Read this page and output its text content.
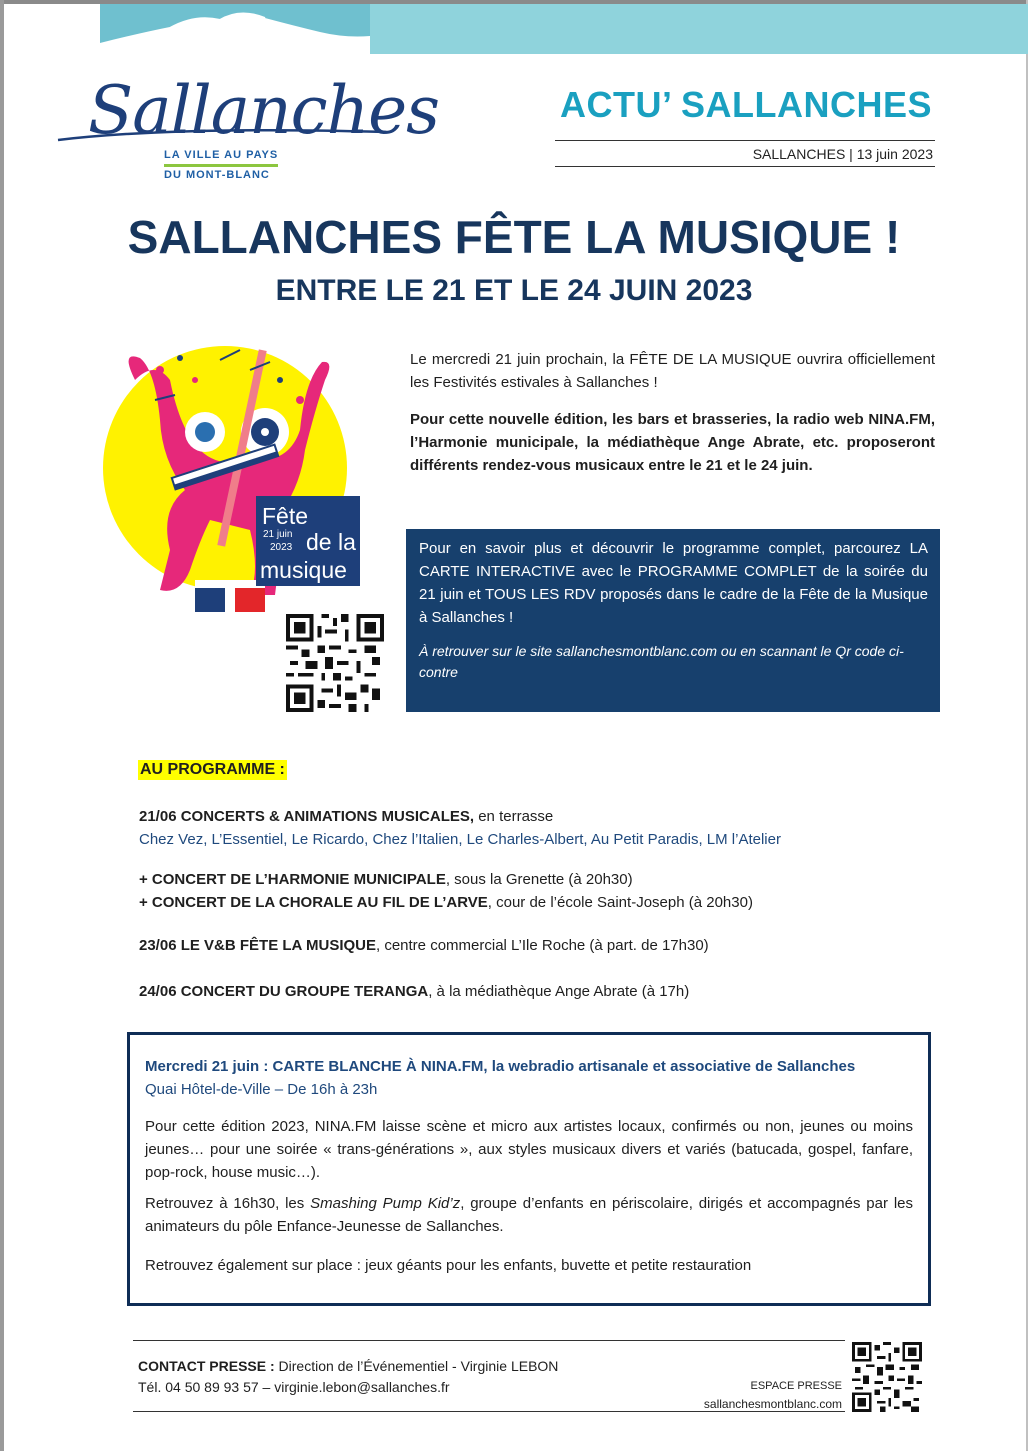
Sallanches
LA VILLE AU PAYS
DU MONT-BLANC
ACTU’ SALLANCHES
SALLANCHES | 13 juin 2023
SALLANCHES FÊTE LA MUSIQUE !
ENTRE LE 21 ET LE 24 JUIN 2023
Fête
21 juin
2023 de la
musique

Le mercredi 21 juin prochain, la FÊTE DE LA MUSIQUE ouvrira officiellement les Festivités estivales à Sallanches !

Pour cette nouvelle édition, les bars et brasseries, la radio web NINA.FM, l’Harmonie municipale, la médiathèque Ange Abrate, etc. proposeront différents rendez-vous musicaux entre le 21 et le 24 juin.

Pour en savoir plus et découvrir le programme complet, parcourez LA CARTE INTERACTIVE avec le PROGRAMME COMPLET de la soirée du 21 juin et TOUS LES RDV proposés dans le cadre de la Fête de la Musique à Sallanches !
À retrouver sur le site sallanchesmontblanc.com ou en scannant le Qr code ci-contre
AU PROGRAMME :
21/06 CONCERTS & ANIMATIONS MUSICALES, en terrasse
Chez Vez, L’Essentiel, Le Ricardo, Chez l’Italien, Le Charles-Albert, Au Petit Paradis, LM l’Atelier
+ CONCERT DE L’HARMONIE MUNICIPALE, sous la Grenette (à 20h30)
+ CONCERT DE LA CHORALE AU FIL DE L’ARVE, cour de l’école Saint-Joseph (à 20h30)
23/06 LE V&B FÊTE LA MUSIQUE, centre commercial L’Ile Roche (à part. de 17h30)
24/06 CONCERT DU GROUPE TERANGA, à la médiathèque Ange Abrate (à 17h)
Mercredi 21 juin : CARTE BLANCHE À NINA.FM, la webradio artisanale et associative de Sallanches
Quai Hôtel-de-Ville – De 16h à 23h

Pour cette édition 2023, NINA.FM laisse scène et micro aux artistes locaux, confirmés ou non, jeunes ou moins jeunes… pour une soirée « trans-générations », aux styles musicaux divers et variés (batucada, gospel, fanfare, pop-rock, house music…).

Retrouvez à 16h30, les Smashing Pump Kid’z, groupe d’enfants en périscolaire, dirigés et accompagnés par les animateurs du pôle Enfance-Jeunesse de Sallanches.

Retrouvez également sur place : jeux géants pour les enfants, buvette et petite restauration

CONTACT PRESSE : Direction de l’Événementiel - Virginie LEBON
Tél. 04 50 89 93 57 – virginie.lebon@sallanches.fr	ESPACE PRESSE
sallanchesmontblanc.com
